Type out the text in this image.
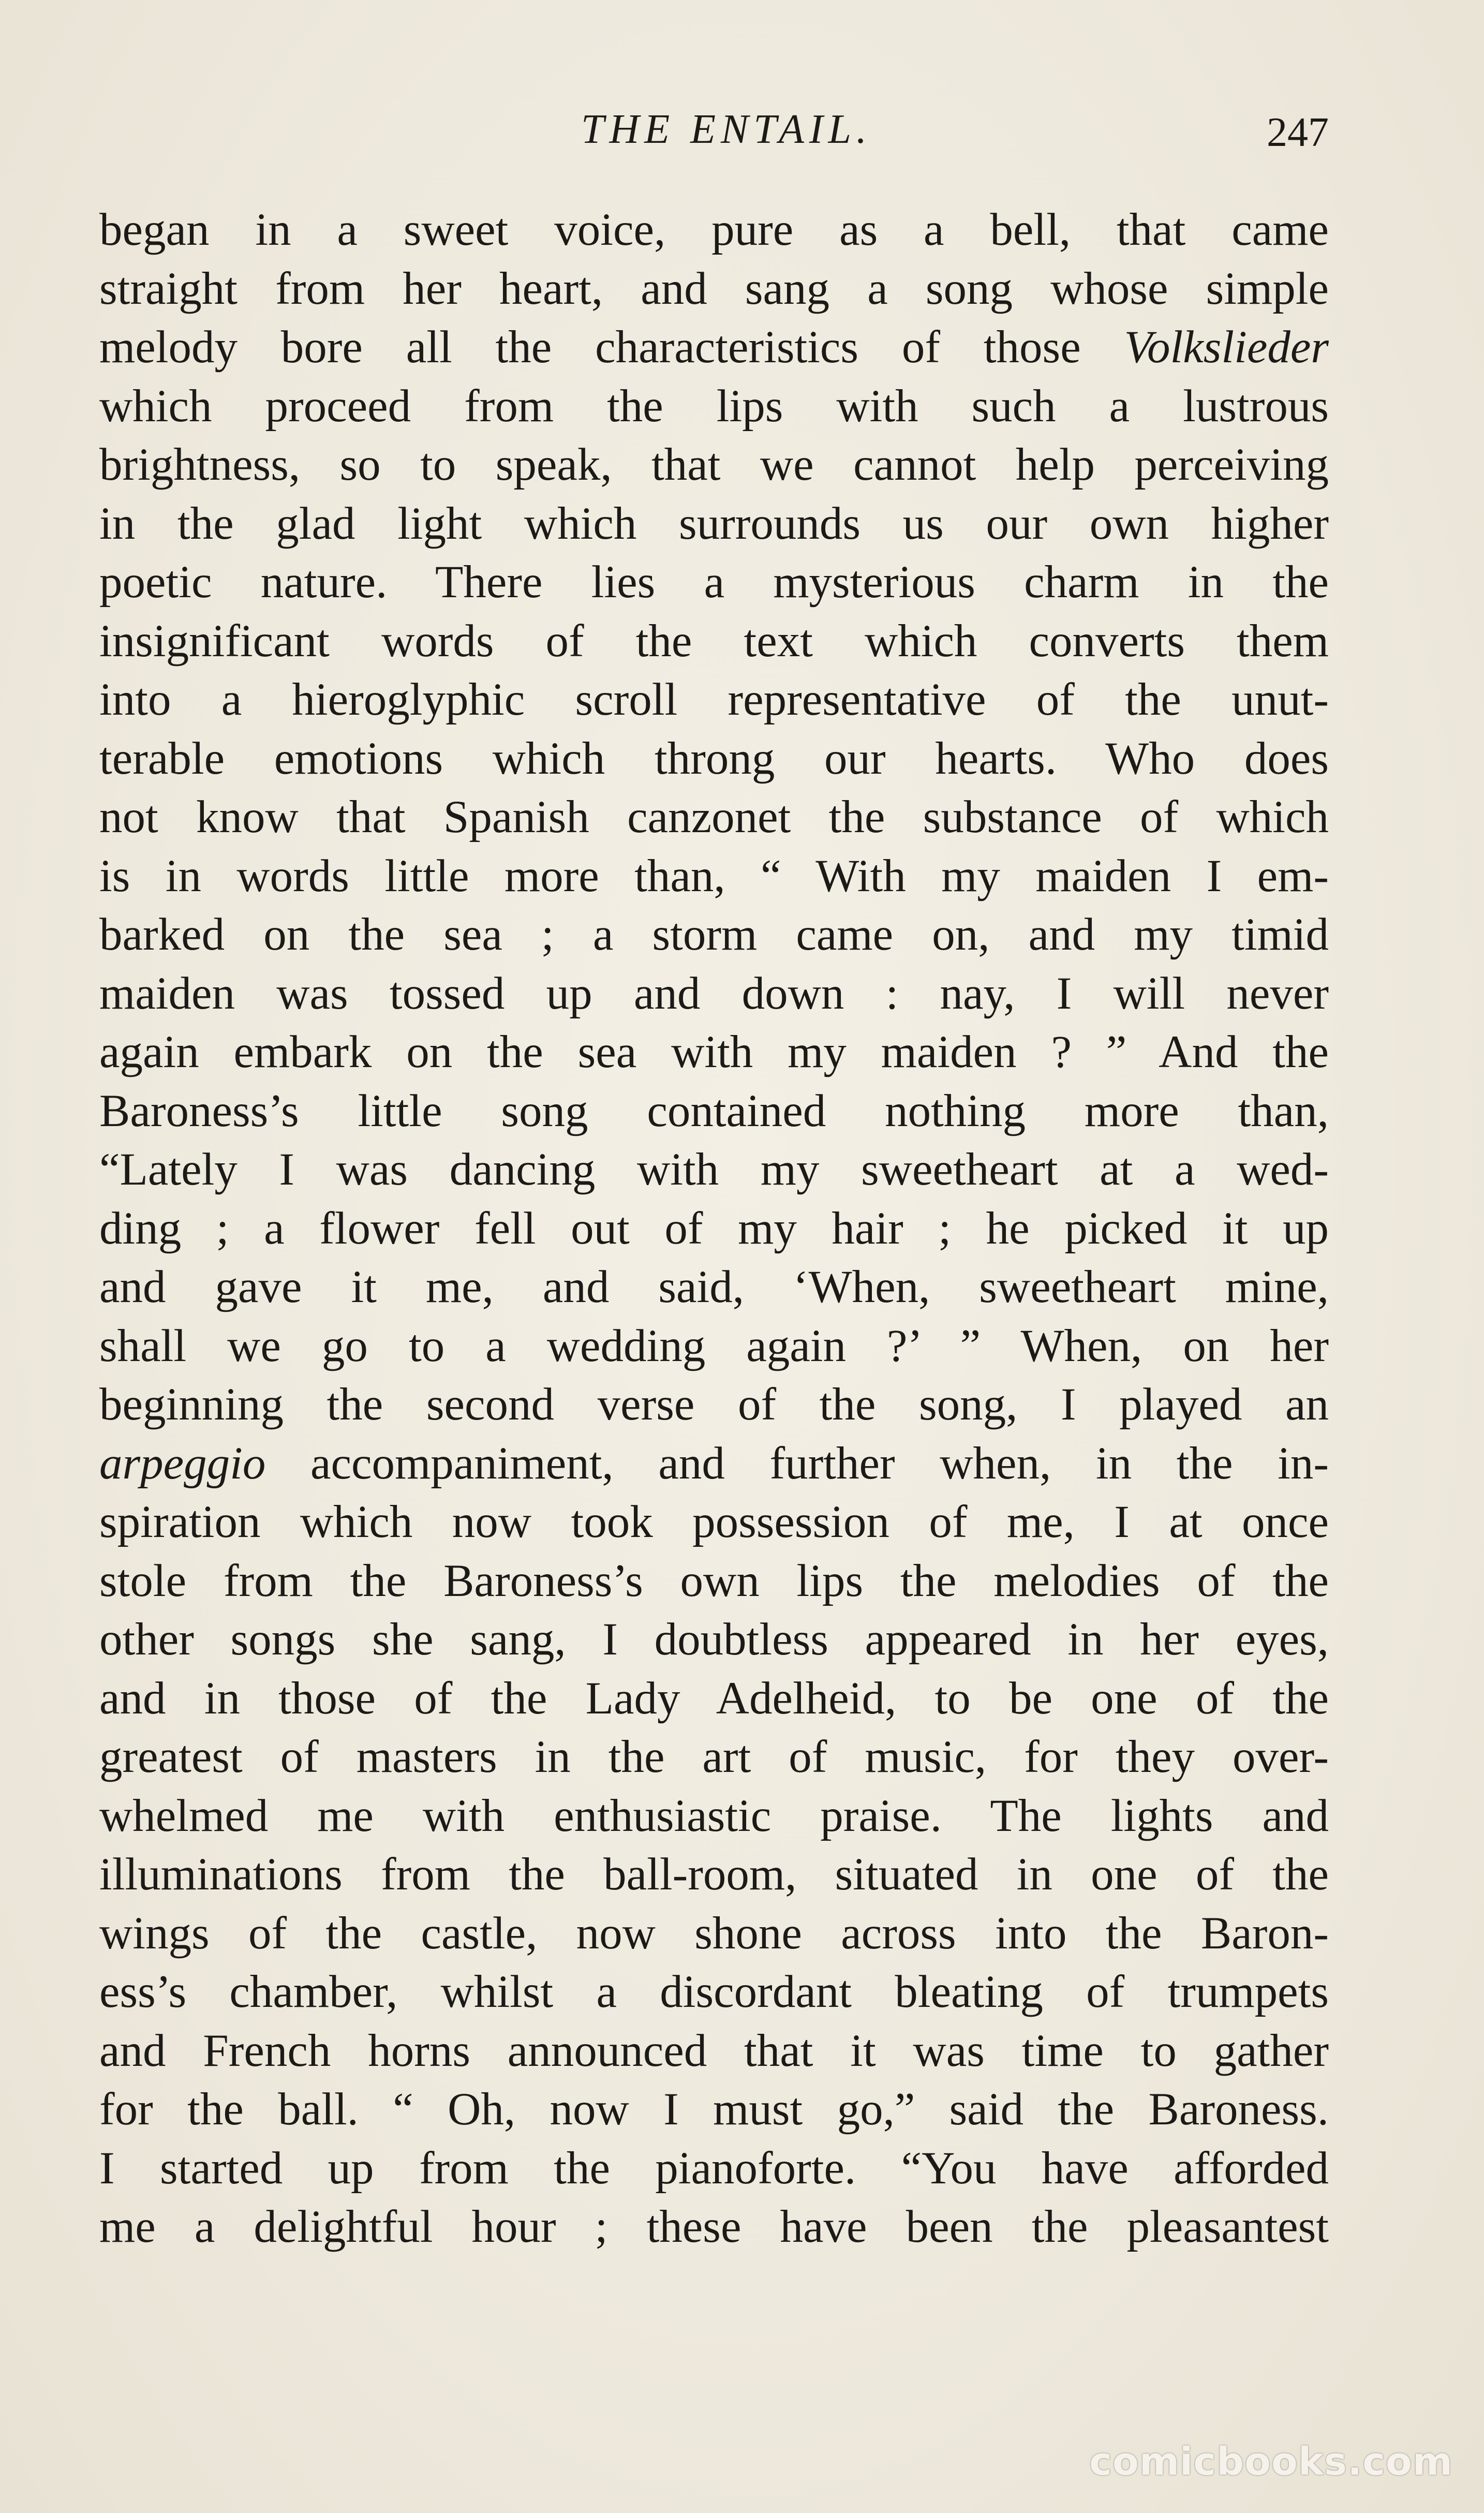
THE ENTAIL.	247
began in a sweet voice, pure as a bell, that came
straight from her heart, and sang a song whose simple
melody bore all the characteristics of those Volkslieder
which proceed from the lips with such a lustrous
brightness, so to speak, that we cannot help perceiving
in the glad light which surrounds us our own higher
poetic nature. There lies a mysterious charm in the
insignificant words of the text which converts them
into a hieroglyphic scroll representative of the unut-
terable emotions which throng our hearts. Who does
not know that Spanish canzonet the substance of which
is in words little more than, “ With my maiden I em-
barked on the sea ; a storm came on, and my timid
maiden was tossed up and down : nay, I will never
again embark on the sea with my maiden ? ” And the
Baroness’s little song contained nothing more than,
“Lately I was dancing with my sweetheart at a wed-
ding ; a flower fell out of my hair ; he picked it up
and gave it me, and said, ‘When, sweetheart mine,
shall we go to a wedding again ?’ ” When, on her
beginning the second verse of the song, I played an
arpeggio accompaniment, and further when, in the in-
spiration which now took possession of me, I at once
stole from the Baroness’s own lips the melodies of the
other songs she sang, I doubtless appeared in her eyes,
and in those of the Lady Adelheid, to be one of the
greatest of masters in the art of music, for they over-
whelmed me with enthusiastic praise. The lights and
illuminations from the ball-room, situated in one of the
wings of the castle, now shone across into the Baron-
ess’s chamber, whilst a discordant bleating of trumpets
and French horns announced that it was time to gather
for the ball. “ Oh, now I must go,” said the Baroness.
I started up from the pianoforte. “You have afforded
me a delightful hour ; these have been the pleasantest
comicbooks.com
